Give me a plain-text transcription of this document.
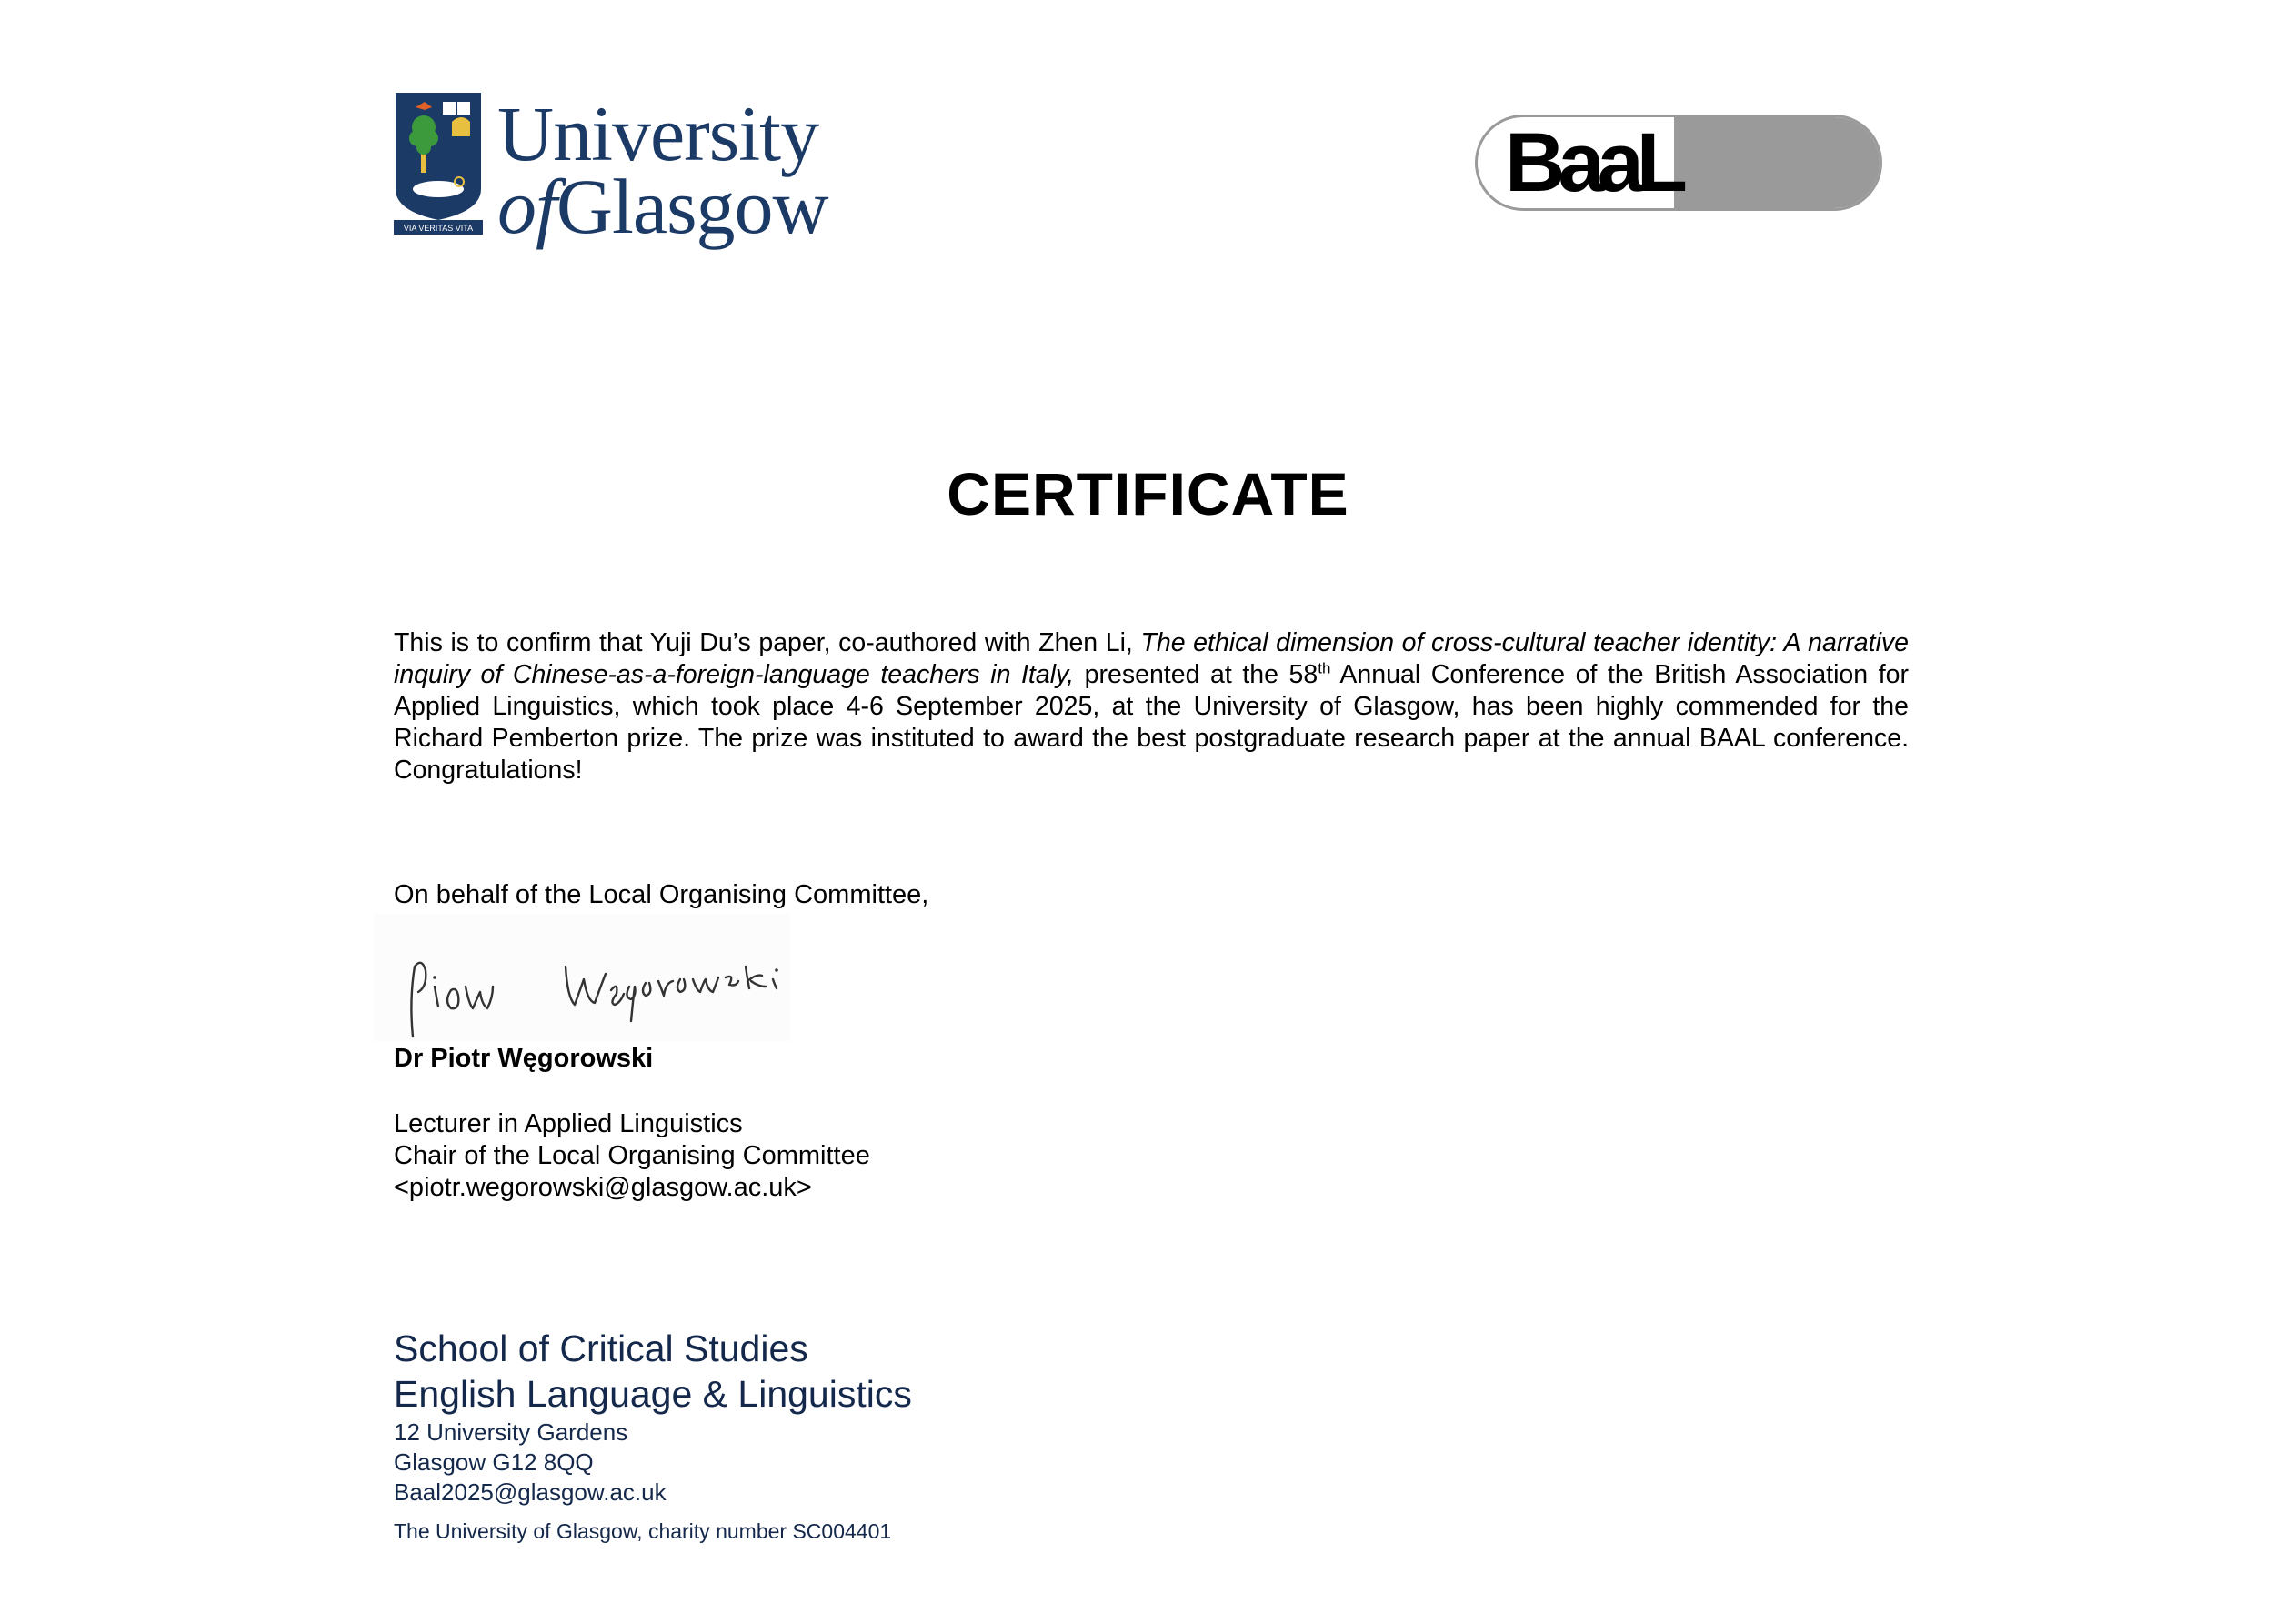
VIA VERITAS VITA
University
ofGlasgow	BaaL
CERTIFICATE
This is to confirm that Yuji Du’s paper, co-authored with Zhen Li, The ethical dimension of cross-cultural teacher identity: A narrative inquiry of Chinese-as-a-foreign-language teachers in Italy, presented at the 58th Annual Conference of the British Association for Applied Linguistics, which took place 4-6 September 2025, at the University of Glasgow, has been highly commended for the Richard Pemberton prize. The prize was instituted to award the best postgraduate research paper at the annual BAAL conference. Congratulations!
On behalf of the Local Organising Committee,
Dr Piotr Węgorowski
Lecturer in Applied Linguistics
Chair of the Local Organising Committee
<piotr.wegorowski@glasgow.ac.uk>
School of Critical Studies
English Language & Linguistics
12 University Gardens
Glasgow G12 8QQ
Baal2025@glasgow.ac.uk
The University of Glasgow, charity number SC004401
